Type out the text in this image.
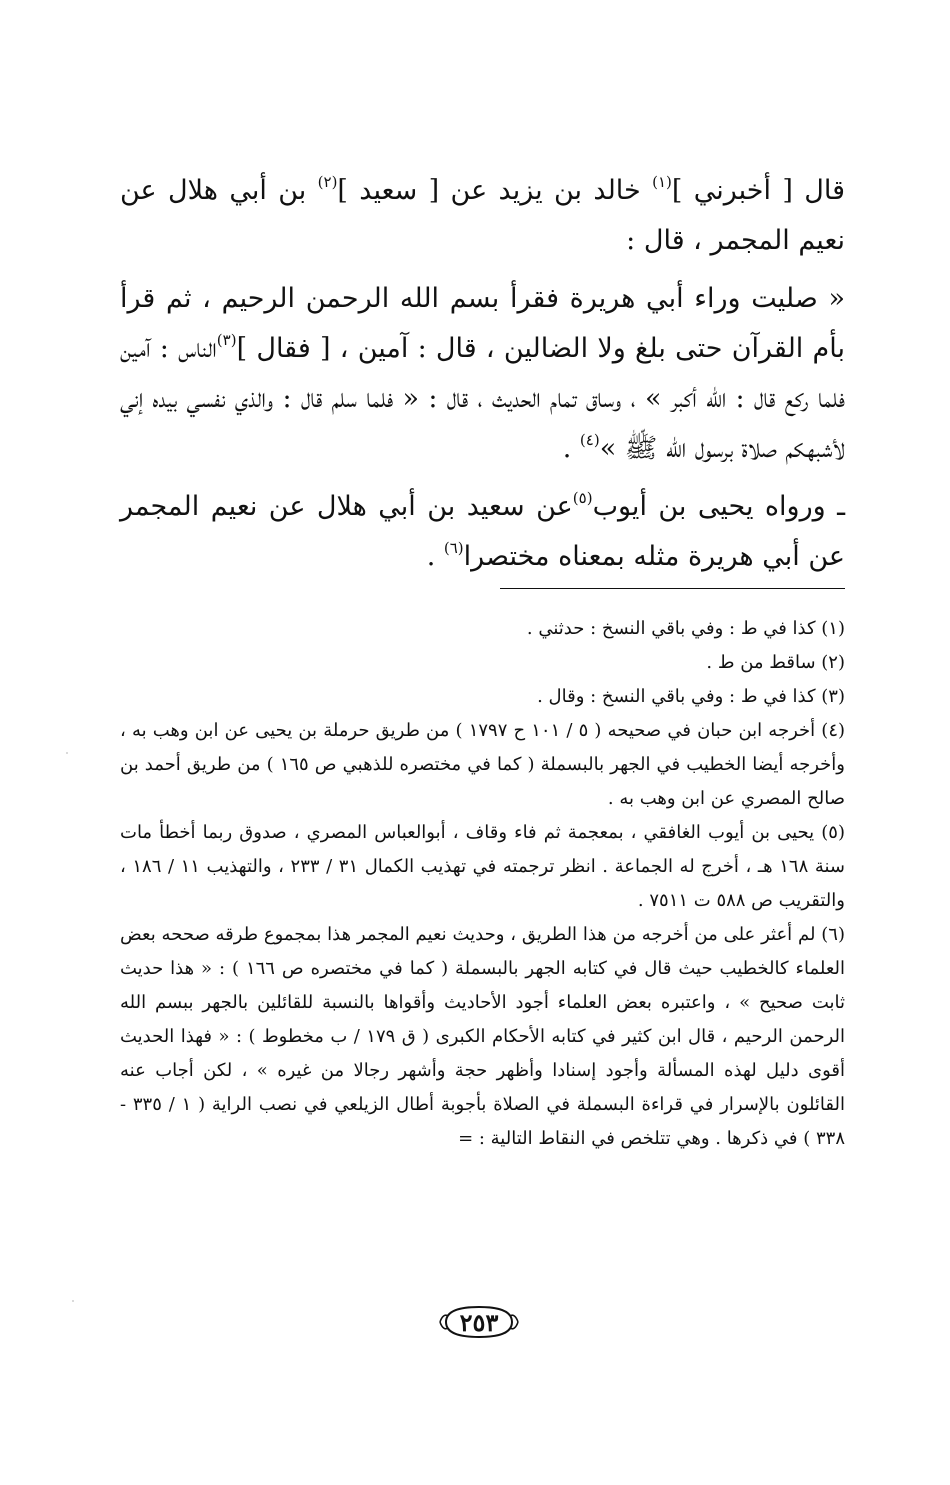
قال [ أخبرني ]$^{(١)}$ خالد بن يزيد عن [ سعيد ]$^{(٢)}$ بن أبي هلال عن نعيم المجمر ، قال :

« صليت وراء أبي هريرة فقرأ بسم الله الرحمن الرحيم ، ثم قرأ بأم القرآن حتى بلغ ولا الضالين ، قال : آمين ، [ فقال ]$^{(٣)}$الناس : آمين فلما ركع قال : الله أكبر » ، وساق تمام الحديث ، قال : « فلما سلم قال : والذي نفسي بيده إني لأشبهكم صلاة برسول الله ﷺ »$^{(٤)}$ .

ـ ورواه يحيى بن أيوب$^{(٥)}$عن سعيد بن أبي هلال عن نعيم المجمر عن أبي هريرة مثله بمعناه مختصرا$^{(٦)}$ .

(١) كذا في ط : وفي باقي النسخ : حدثني .

(٢) ساقط من ط .

(٣) كذا في ط : وفي باقي النسخ : وقال .

(٤) أخرجه ابن حبان في صحيحه ( ٥ / ١٠١ ح ١٧٩٧ ) من طريق حرملة بن يحيى عن ابن وهب به ، وأخرجه أيضا الخطيب في الجهر بالبسملة ( كما في مختصره للذهبي ص ١٦٥ ) من طريق أحمد بن صالح المصري عن ابن وهب به .

(٥) يحيى بن أيوب الغافقي ، بمعجمة ثم فاء وقاف ، أبوالعباس المصري ، صدوق ربما أخطأ مات سنة ١٦٨ هـ ، أخرج له الجماعة . انظر ترجمته في تهذيب الكمال ٣١ / ٢٣٣ ، والتهذيب ١١ / ١٨٦ ، والتقريب ص ٥٨٨ ت ٧٥١١ .

(٦) لم أعثر على من أخرجه من هذا الطريق ، وحديث نعيم المجمر هذا بمجموع طرقه صححه بعض العلماء كالخطيب حيث قال في كتابه الجهر بالبسملة ( كما في مختصره ص ١٦٦ ) : « هذا حديث ثابت صحيح » ، واعتبره بعض العلماء أجود الأحاديث وأقواها بالنسبة للقائلين بالجهر ببسم الله الرحمن الرحيم ، قال ابن كثير في كتابه الأحكام الكبرى ( ق ١٧٩ / ب مخطوط ) : « فهذا الحديث أقوى دليل لهذه المسألة وأجود إسنادا وأظهر حجة وأشهر رجالا من غيره » ، لكن أجاب عنه القائلون بالإسرار في قراءة البسملة في الصلاة بأجوبة أطال الزيلعي في نصب الراية ( ١ / ٣٣٥ - ٣٣٨ ) في ذكرها . وهي تتلخص في النقاط التالية : =

٢٥٣
